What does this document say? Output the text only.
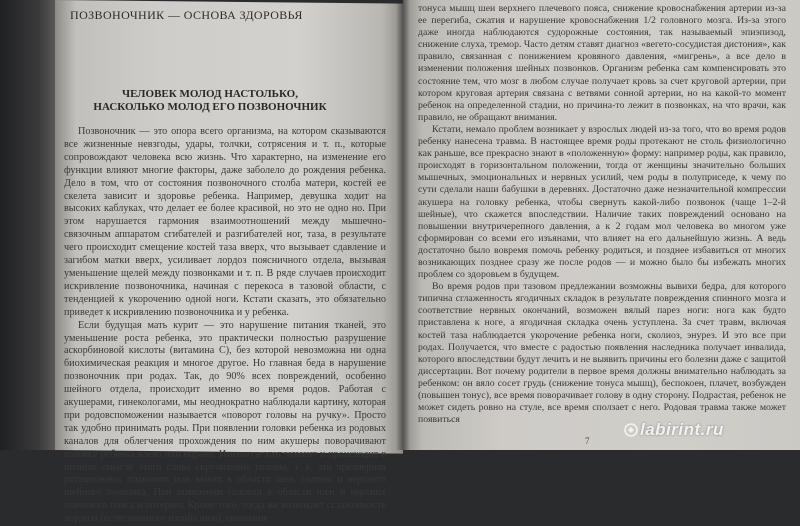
ПОЗВОНОЧНИК — ОСНОВА ЗДОРОВЬЯ
ЧЕЛОВЕК МОЛОД НАСТОЛЬКО,
НАСКОЛЬКО МОЛОД ЕГО ПОЗВОНОЧНИК

Позвоночник — это опора всего организма, на котором сказываются все жизненные невзгоды, удары, толчки, сотрясения и т. п., которые сопровождают человека всю жизнь. Что характерно, на изменение его функции влияют многие факторы, даже заболело до рождения ребенка. Дело в том, что от состояния позвоночного столба матери, костей ее скелета зависит и здоровье ребенка. Например, девушка ходит на высоких каблуках, что делает ее более красивой, но это не одно но. При этом нарушается гармония взаимоотношений между мышечно-связочным аппаратом сгибателей и разгибателей ног, таза, в результате чего происходит смещение костей таза вверх, что вызывает сдавление и загибом матки вверх, усиливает лордоз поясничного отдела, вызывая уменьшение щелей между позвонками и т. п. В ряде случаев происходит искривление позвоночника, начиная с перекоса в тазовой области, с тенденцией к укорочению одной ноги. Кстати сказать, это обязательно приведет к искривлению позвоночника и у ребенка.

Если будущая мать курит — это нарушение питания тканей, это уменьшение роста ребенка, это практически полностью разрушение аскорбиновой кислоты (витамина С), без которой невозможна ни одна биохимическая реакция и многое другое. Но главная беда в нарушение позвоночник при родах. Так, до 90% всех повреждений, особенно шейного отдела, происходит именно во время родов. Работая с акушерами, гинекологами, мы неоднократно наблюдали картину, которая при родовспоможении называется «поворот головы на ручку». Просто так удобно принимать роды. При появлении головки ребенка из родовых каналов для облегчения прохождения по ним акушеры поворачивают головку ребенка влево или вправо. Именно в этот момент и происходит в полном смысле этого слова скручивание головы, т. е. эта чрезмерная ротационных подвывих или вывих в области шеи, головы и верхнего шейного позвонка. При появлении головки в области шеи и верхних плечевого пояса и потеряет. Кроме того, тогда же возникает сглаженность лордоза (естественного изгиба шеи), снижение

тонуса мышц шеи верхнего плечевого пояса, снижение кровоснабжения артерии из-за ее перегиба, сжатия и нарушение кровоснабжения 1/2 головного мозга. Из-за этого даже иногда наблюдаются судорожные состояния, так называемый эпиэпизод, снижение слуха, тремор. Часто детям ставят диагноз «вегето-сосудистая дистония», как правило, связанная с понижением кровяного давления, «мигрень», а все дело в изменении положения шейных позвонков. Организм ребенка сам компенсировать это состояние тем, что мозг в любом случае получает кровь за счет круговой артерии, при котором круговая артерия связана с ветвями сонной артерии, но на какой-то момент ребенок на определенной стадии, но причина-то лежит в позвонках, на что врачи, как правило, не обращают внимания.

Кстати, немало проблем возникает у взрослых людей из-за того, что во время родов ребенку нанесена травма. В настоящее время роды протекают не столь физиологично как раньше, все прекрасно знают в «положенную» форму: например роды, как правило, происходят в горизонтальном положении, тогда от женщины значительно больших мышечных, эмоциональных и нервных усилий, чем роды в полуприседе, к чему по сути сделали наши бабушки в деревнях. Достаточно даже незначительной компрессии акушера на головку ребенка, чтобы свернуть какой-либо позвонок (чаще 1–2-й шейные), что скажется впоследствии. Наличие таких повреждений основано на повышении внутричерепного давления, а к 2 годам мол человека во многом уже сформирован со всеми его изъянами, что влияет на его дальнейшую жизнь. А ведь достаточно было вовремя помочь ребенку родиться, и позднее избавиться от многих возникающих позднее сразу же после родов — и можно было бы избежать многих проблем со здоровьем в будущем.

Во время родов при тазовом предлежании возможны вывихи бедра, для которого типична сглаженность ягодичных складок в результате повреждения спинного мозга и соответствие нервных окончаний, возможен вялый парез ноги: нога как будто приставлена к ноге, а ягодичная складка очень уступлена. За счет травм, включая костей таза наблюдается укорочение ребенка ноги, сколиоз, энурез. И это все при родах. Получается, что вместе с радостью появления наследника получает инвалида, которого впоследствии будут лечить и не выявить причины его болезни даже с защитой диссертации. Вот почему родители в первое время должны внимательно наблюдать за ребенком: он вяло сосет грудь (снижение тонуса мышц), беспокоен, плачет, возбужден (повышен тонус), все время поворачивает голову в одну сторону. Подрастая, ребенок не может сидеть ровно на стуле, все время сползает с него. Родовая травма также может появиться

7
labirint.ru
